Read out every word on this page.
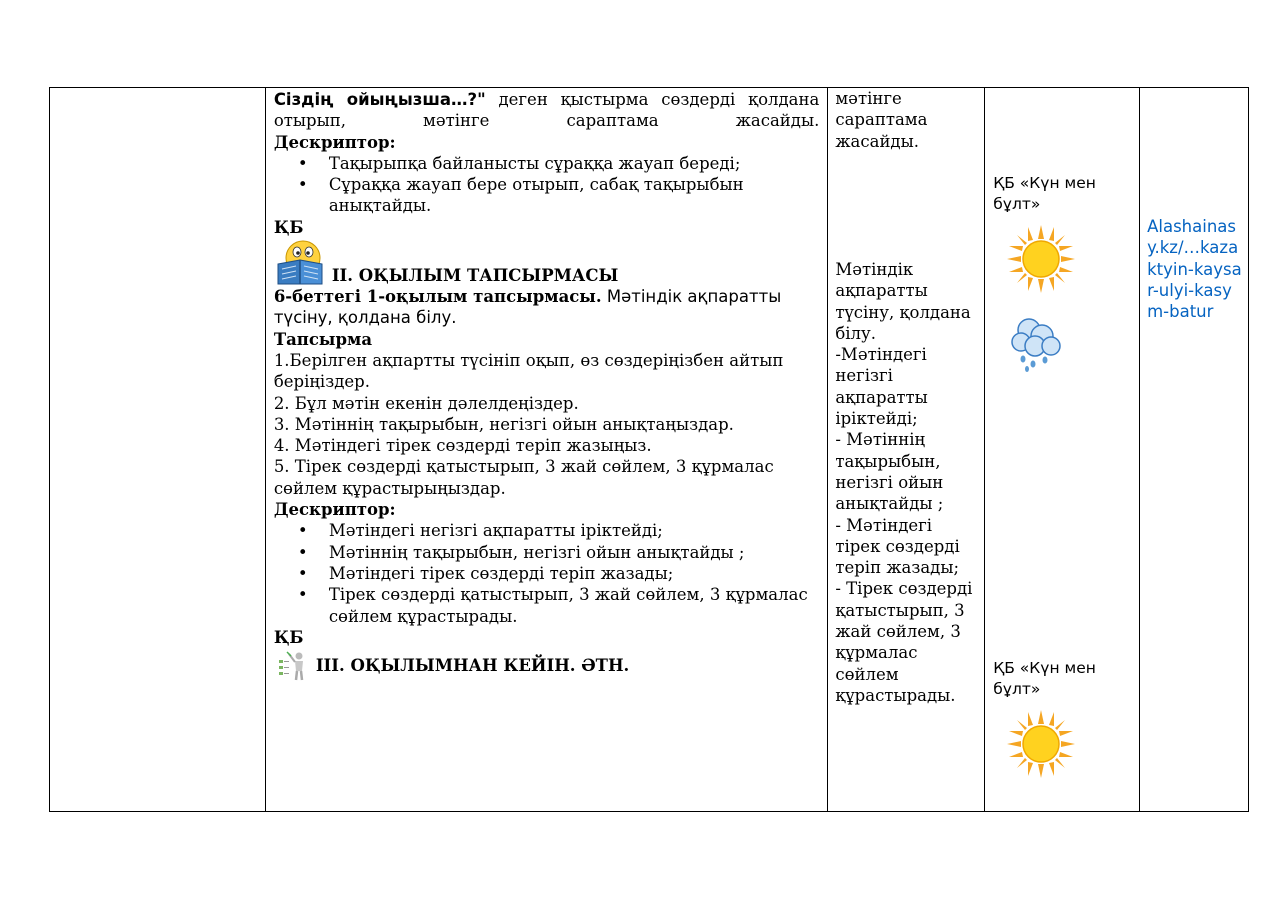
Сіздің ойыңызша…?" деген қыстырма сөздерді қолдана отырып, мәтінге сараптама жасайды.

Дескриптор:

• Тақырыпқа байланысты сұраққа жауап береді;
• Сұраққа жауап бере отырып, сабақ тақырыбын анықтайды.

ҚБ

II. ОҚЫЛЫМ ТАПСЫРМАСЫ

6-беттегі 1-оқылым тапсырмасы. Мәтіндік ақпаратты түсіну, қолдана білу.

Тапсырма

1.Берілген ақпартты түсініп оқып, өз сөздеріңізбен айтып беріңіздер.

2. Бұл мәтін екенін дәлелдеңіздер.

3. Мәтіннің тақырыбын, негізгі ойын анықтаңыздар.

4. Мәтіндегі тірек сөздерді теріп жазыңыз.

5. Тірек сөздерді қатыстырып, 3 жай сөйлем, 3 құрмалас сөйлем құрастырыңыздар.

Дескриптор:

• Мәтіндегі негізгі ақпаратты іріктейді;
• Мәтіннің тақырыбын, негізгі ойын анықтайды ;
• Мәтіндегі тірек сөздерді теріп жазады;
• Тірек сөздерді қатыстырып, 3 жай сөйлем, 3 құрмалас сөйлем құрастырады.

ҚБ

III. ОҚЫЛЫМНАН КЕЙІН. ӘТН.

мәтінге сараптама жасайды.

Мәтіндік ақпаратты түсіну, қолдана білу.
-Мәтіндегі негізгі ақпаратты іріктейді;
- Мәтіннің тақырыбын, негізгі ойын анықтайды ;
- Мәтіндегі тірек сөздерді теріп жазады;
- Тірек сөздерді қатыстырып, 3 жай сөйлем, 3 құрмалас сөйлем құрастырады.

ҚБ «Күн мен бұлт»

ҚБ «Күн мен бұлт»

Alashainasy.kz/…kazaktyin-kaysar-ulyi-kasym-batur
